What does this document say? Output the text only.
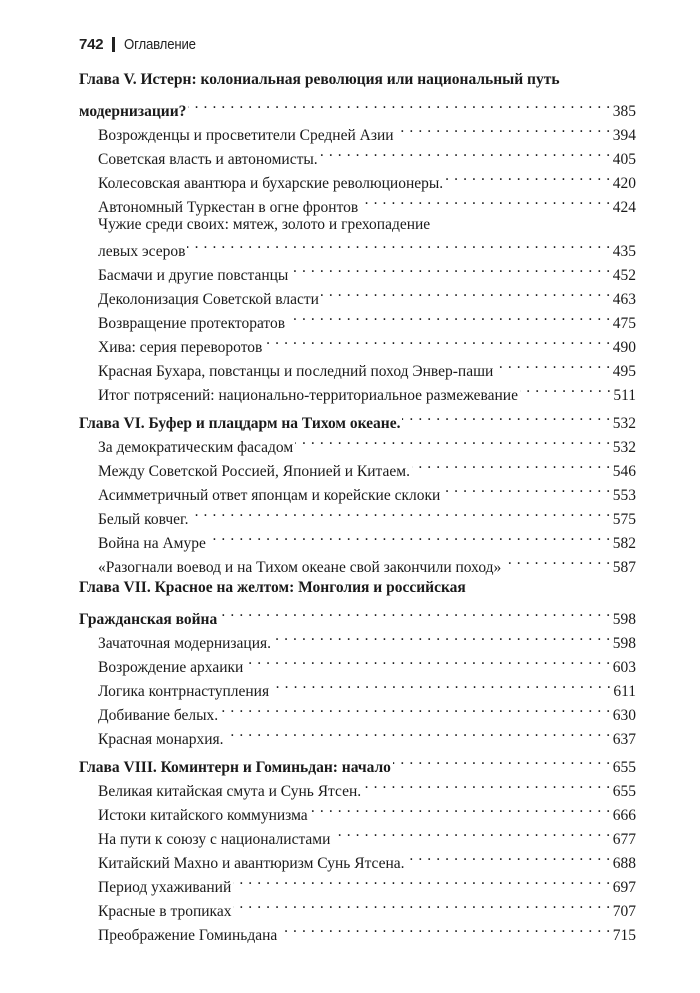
742 Оглавление
Глава V. Истерн: колониальная революция или национальный путь
модернизации? . . .	385
Возрожденцы и просветители Средней Азии . . .	394
Советская власть и автономисты. . . .	405
Колесовская авантюра и бухарские революционеры. . . .	420
Автономный Туркестан в огне фронтов . . .	424
Чужие среди своих: мятеж, золото и грехопадение
левых эсеров . . .	435
Басмачи и другие повстанцы . . .	452
Деколонизация Советской власти . . .	463
Возвращение протекторатов . . .	475
Хива: серия переворотов . . .	490
Красная Бухара, повстанцы и последний поход Энвер-паши . . .	495
Итог потрясений: национально-территориальное размежевание . . .	511
Глава VI. Буфер и плацдарм на Тихом океане. . . .	532
За демократическим фасадом . . .	532
Между Советской Россией, Японией и Китаем. . . .	546
Асимметричный ответ японцам и корейские склоки . . .	553
Белый ковчег. . . .	575
Война на Амуре . . .	582
«Разогнали воевод и на Тихом океане свой закончили поход» . . .	587
Глава VII. Красное на желтом: Монголия и российская
Гражданская война . . .	598
Зачаточная модернизация. . . .	598
Возрождение архаики . . .	603
Логика контрнаступления . . .	611
Добивание белых. . . .	630
Красная монархия. . . .	637
Глава VIII. Коминтерн и Гоминьдан: начало . . .	655
Великая китайская смута и Сунь Ятсен. . . .	655
Истоки китайского коммунизма . . .	666
На пути к союзу с националистами . . .	677
Китайский Махно и авантюризм Сунь Ятсена. . . .	688
Период ухаживаний . . .	697
Красные в тропиках . . .	707
Преображение Гоминьдана . . .	715
